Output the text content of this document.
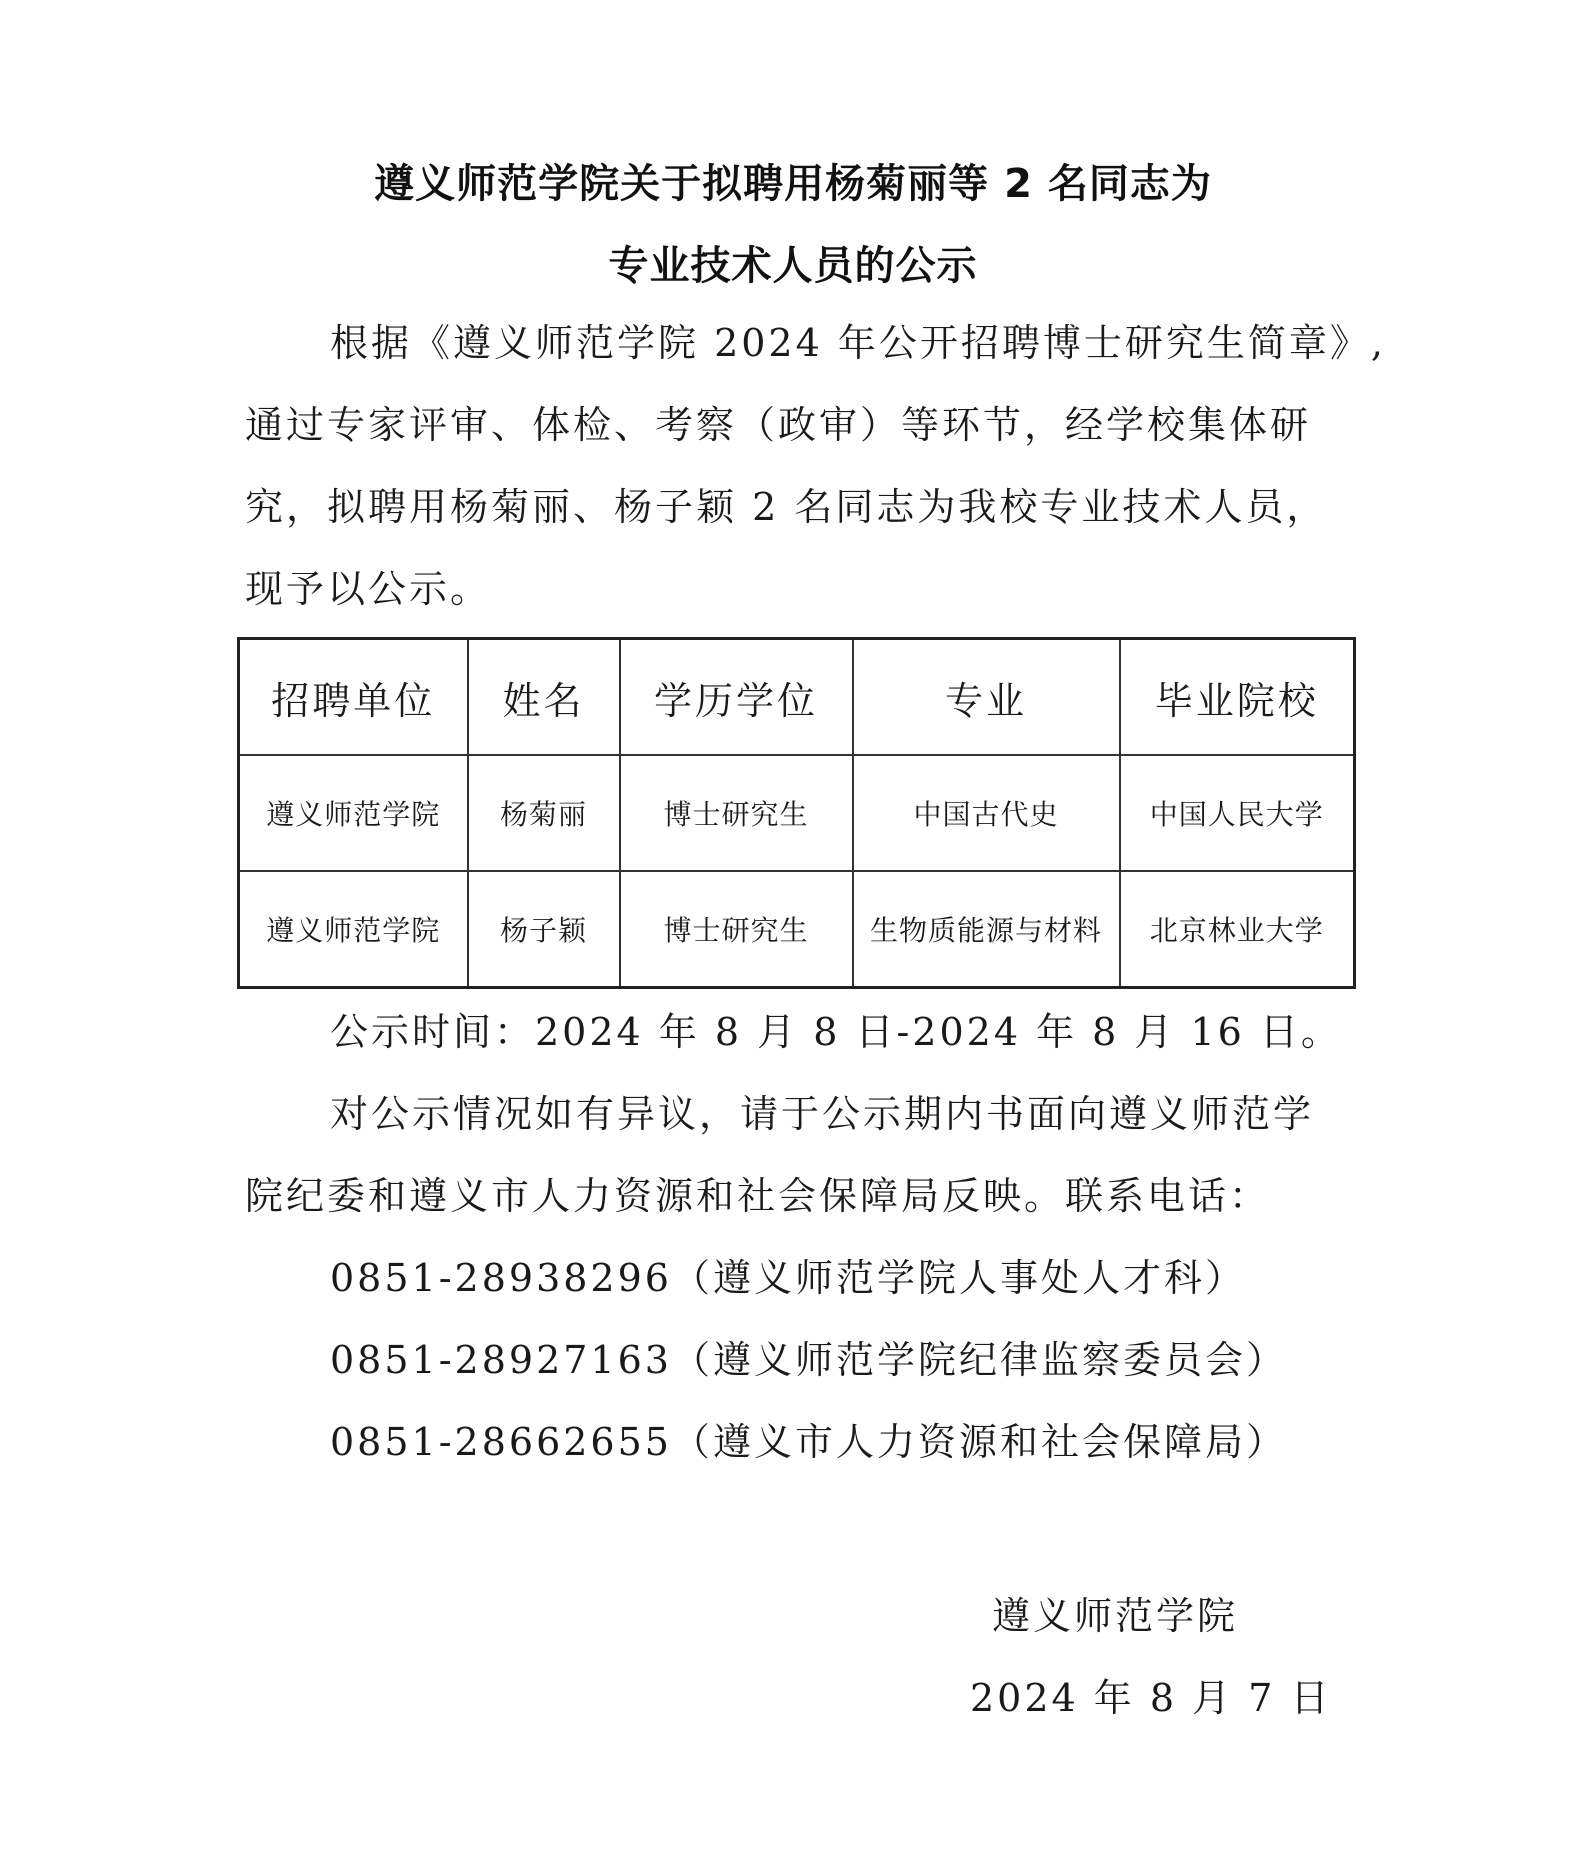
遵义师范学院关于拟聘用杨菊丽等 2 名同志为
专业技术人员的公示
根据《遵义师范学院 2024 年公开招聘博士研究生简章》,
通过专家评审、体检、考察（政审）等环节，经学校集体研
究，拟聘用杨菊丽、杨子颖 2 名同志为我校专业技术人员，
现予以公示。
招聘单位	姓名	学历学位	专业	毕业院校
遵义师范学院	杨菊丽	博士研究生	中国古代史	中国人民大学
遵义师范学院	杨子颖	博士研究生	生物质能源与材料	北京林业大学
公示时间：2024 年 8 月 8 日-2024 年 8 月 16 日。
对公示情况如有异议，请于公示期内书面向遵义师范学
院纪委和遵义市人力资源和社会保障局反映。联系电话：
0851-28938296（遵义师范学院人事处人才科）
0851-28927163（遵义师范学院纪律监察委员会）
0851-28662655（遵义市人力资源和社会保障局）
遵义师范学院
2024 年 8 月 7 日
